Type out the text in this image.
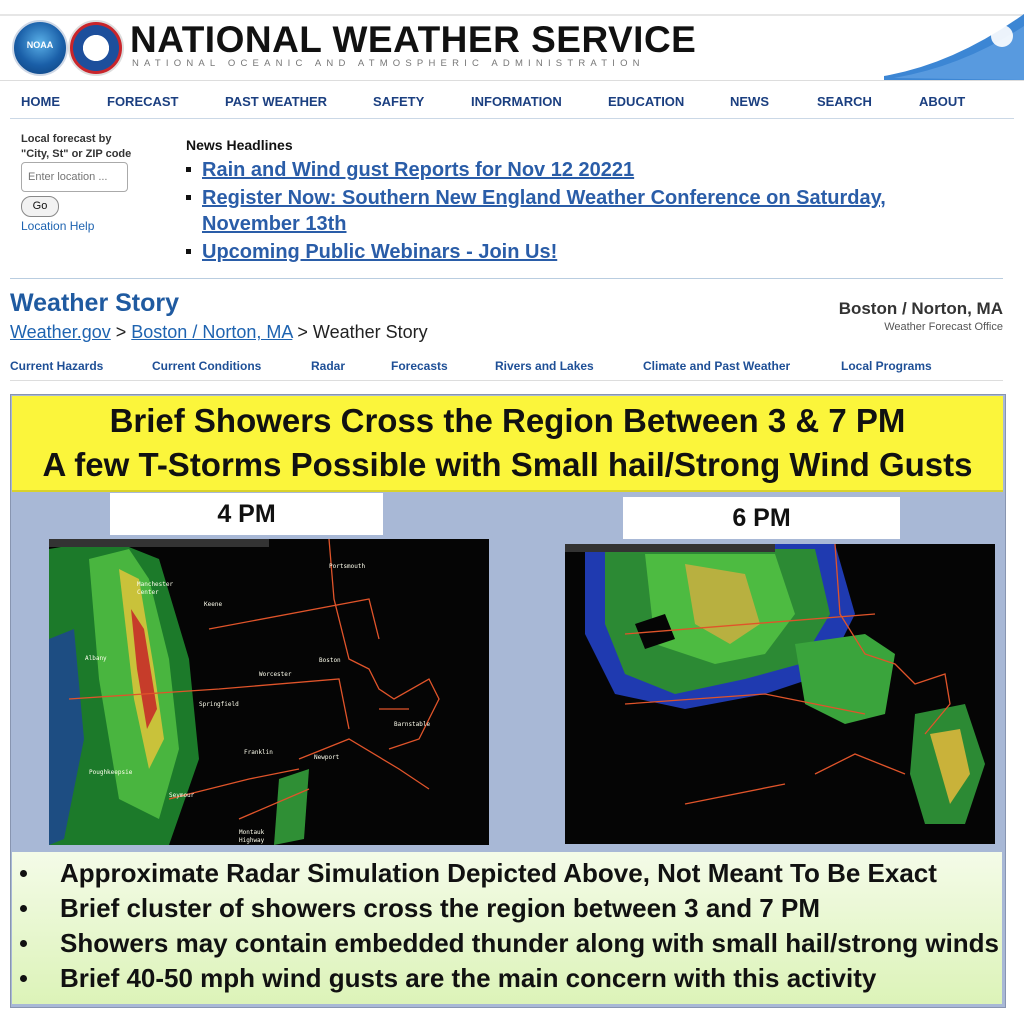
NOAA	NATIONAL WEATHER SERVICE
NATIONAL OCEANIC AND ATMOSPHERIC ADMINISTRATION
HOME	FORECAST	PAST WEATHER	SAFETY	INFORMATION	EDUCATION	NEWS	SEARCH	ABOUT
Local forecast by
"City, St" or ZIP code
Enter location ...
Go
Location Help
News Headlines
Rain and Wind gust Reports for Nov 12 20221
Register Now: Southern New England Weather Conference on Saturday,
November 13th
Upcoming Public Webinars - Join Us!
Weather Story
Weather.gov > Boston / Norton, MA > Weather Story
Boston / Norton, MA
Weather Forecast Office
Current Hazards	Current Conditions	Radar	Forecasts	Rivers and Lakes	Climate and Past Weather	Local Programs
Brief Showers Cross the Region Between 3 & 7 PM
A few T-Storms Possible with Small hail/Strong Wind Gusts
4 PM	6 PM
Portsmouth
Manchester
Center
Keene
Albany
Worcester
Boston
Springfield
Barnstable
Franklin
Newport
Poughkeepsie
Seymour
Montauk
Highway
Approximate Radar Simulation Depicted Above, Not Meant To Be Exact
Brief cluster of showers cross the region between 3 and 7 PM
Showers may contain embedded thunder along with small hail/strong winds
Brief 40-50 mph wind gusts are the main concern with this activity
